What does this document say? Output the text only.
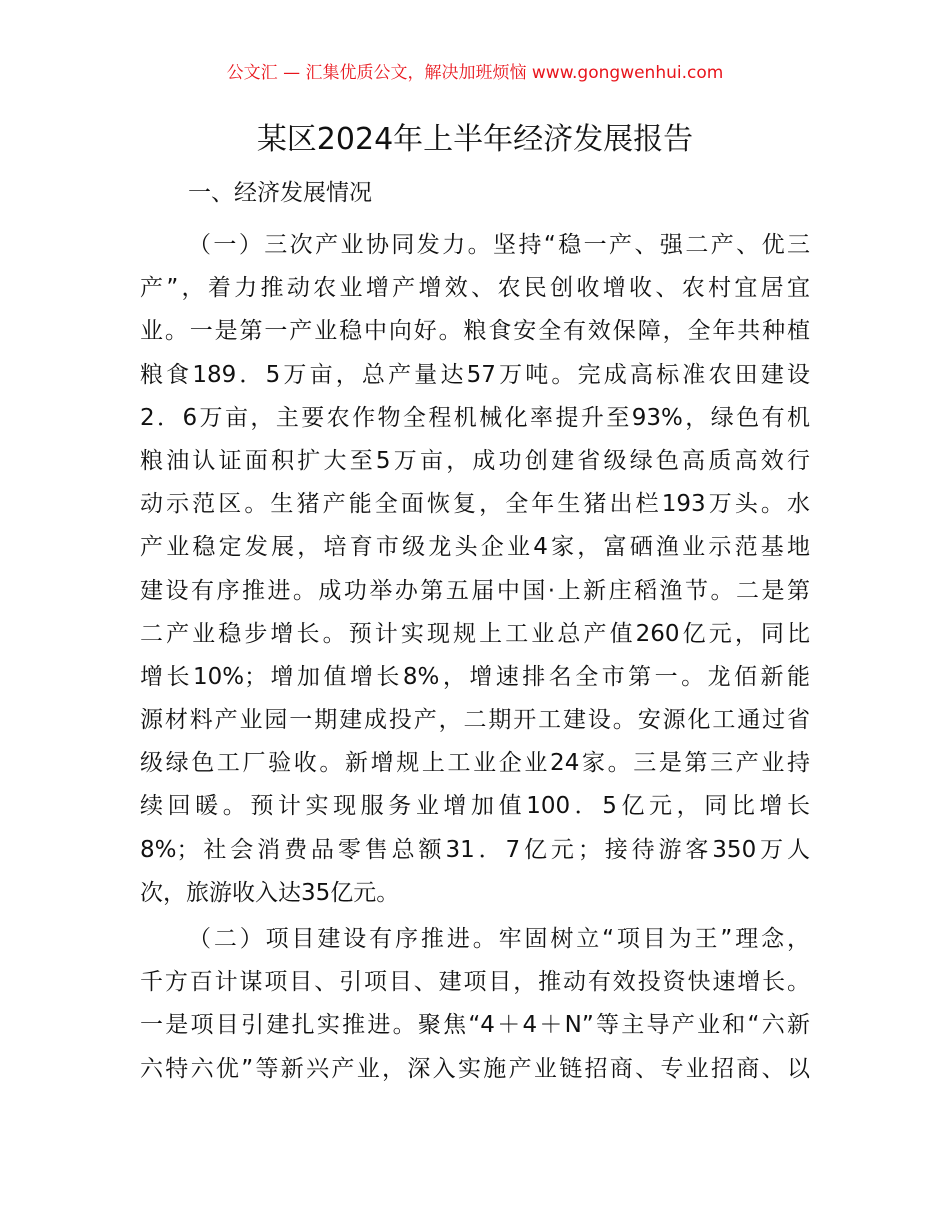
公文汇 — 汇集优质公文，解决加班烦恼 www.gongwenhui.com
某区2024年上半年经济发展报告
一、经济发展情况
（一）三次产业协同发力。坚持“稳一产、强二产、优三
产”，着力推动农业增产增效、农民创收增收、农村宜居宜
业。一是第一产业稳中向好。粮食安全有效保障，全年共种植
粮食189．5万亩，总产量达57万吨。完成高标准农田建设
2．6万亩，主要农作物全程机械化率提升至93%，绿色有机
粮油认证面积扩大至5万亩，成功创建省级绿色高质高效行
动示范区。生猪产能全面恢复，全年生猪出栏193万头。水
产业稳定发展，培育市级龙头企业4家，富硒渔业示范基地
建设有序推进。成功举办第五届中国·上新庄稻渔节。二是第
二产业稳步增长。预计实现规上工业总产值260亿元，同比
增长10%；增加值增长8%，增速排名全市第一。龙佰新能
源材料产业园一期建成投产，二期开工建设。安源化工通过省
级绿色工厂验收。新增规上工业企业24家。三是第三产业持
续回暖。预计实现服务业增加值100．5亿元，同比增长
8%；社会消费品零售总额31．7亿元；接待游客350万人
次，旅游收入达35亿元。
（二）项目建设有序推进。牢固树立“项目为王”理念，
千方百计谋项目、引项目、建项目，推动有效投资快速增长。
一是项目引建扎实推进。聚焦“4＋4＋N”等主导产业和“六新
六特六优”等新兴产业，深入实施产业链招商、专业招商、以
